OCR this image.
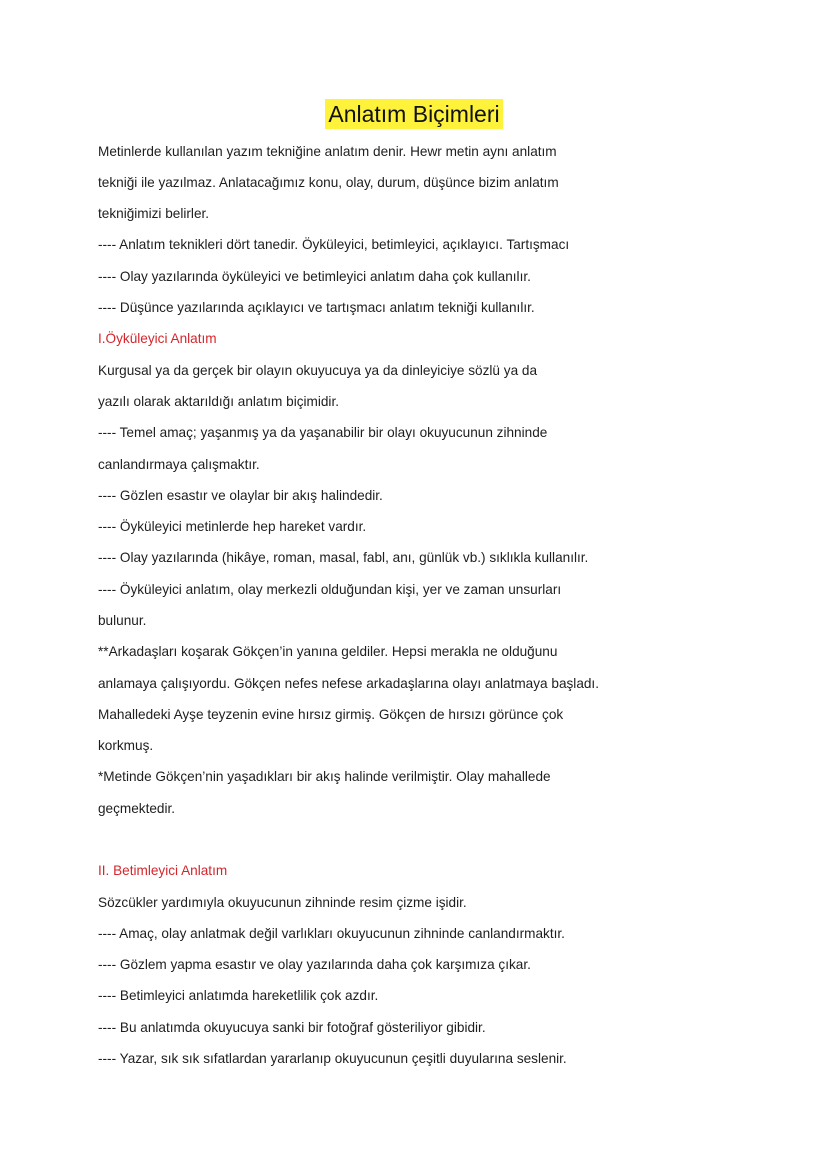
Anlatım Biçimleri

Metinlerde kullanılan yazım tekniğine anlatım denir. Hewr metin aynı anlatım

tekniği ile yazılmaz. Anlatacağımız konu, olay, durum, düşünce bizim anlatım

tekniğimizi belirler.

---- Anlatım teknikleri dört tanedir. Öyküleyici, betimleyici, açıklayıcı. Tartışmacı

---- Olay yazılarında öyküleyici ve betimleyici anlatım daha çok kullanılır.

---- Düşünce yazılarında açıklayıcı ve tartışmacı anlatım tekniği kullanılır.

I.Öyküleyici Anlatım

Kurgusal ya da gerçek bir olayın okuyucuya ya da dinleyiciye sözlü ya da

yazılı olarak aktarıldığı anlatım biçimidir.

---- Temel amaç; yaşanmış ya da yaşanabilir bir olayı okuyucunun zihninde

canlandırmaya çalışmaktır.

---- Gözlen esastır ve olaylar bir akış halindedir.

---- Öyküleyici metinlerde hep hareket vardır.

---- Olay yazılarında (hikâye, roman, masal, fabl, anı, günlük vb.) sıklıkla kullanılır.

---- Öyküleyici anlatım, olay merkezli olduğundan kişi, yer ve zaman unsurları

bulunur.

**Arkadaşları koşarak Gökçen’in yanına geldiler. Hepsi merakla ne olduğunu

anlamaya çalışıyordu. Gökçen nefes nefese arkadaşlarına olayı anlatmaya başladı.

Mahalledeki Ayşe teyzenin evine hırsız girmiş. Gökçen de hırsızı görünce çok

korkmuş.

*Metinde Gökçen’nin yaşadıkları bir akış halinde verilmiştir. Olay mahallede

geçmektedir.

II. Betimleyici Anlatım

Sözcükler yardımıyla okuyucunun zihninde resim çizme işidir.

---- Amaç, olay anlatmak değil varlıkları okuyucunun zihninde canlandırmaktır.

---- Gözlem yapma esastır ve olay yazılarında daha çok karşımıza çıkar.

---- Betimleyici anlatımda hareketlilik çok azdır.

---- Bu anlatımda okuyucuya sanki bir fotoğraf gösteriliyor gibidir.

---- Yazar, sık sık sıfatlardan yararlanıp okuyucunun çeşitli duyularına seslenir.
